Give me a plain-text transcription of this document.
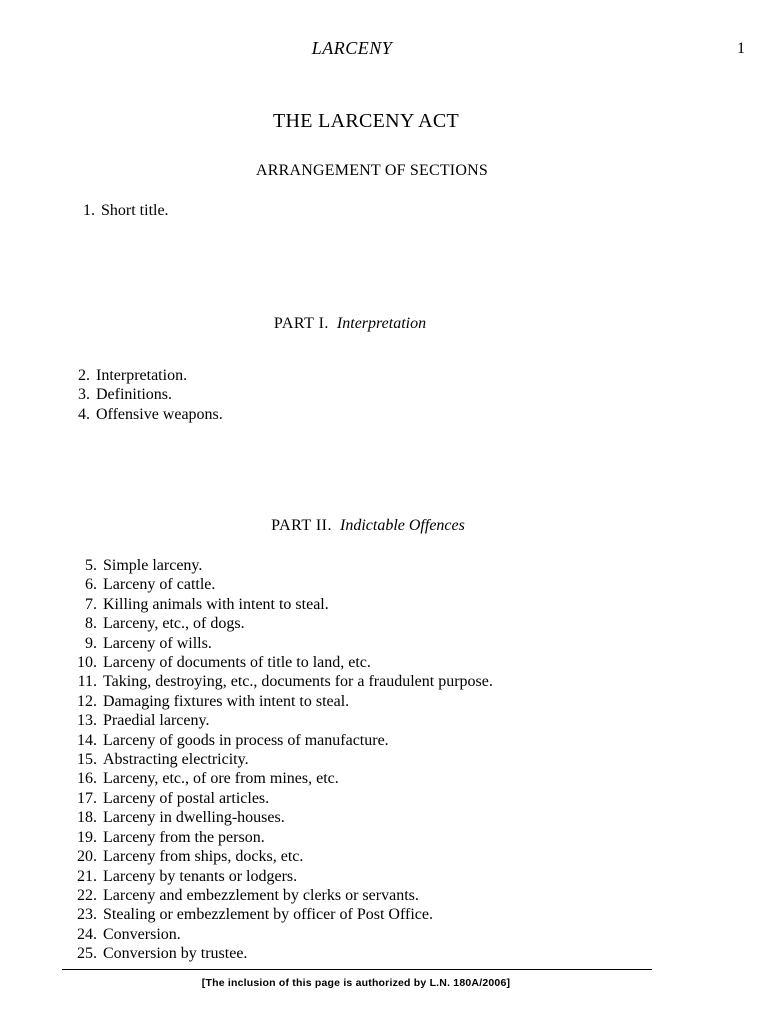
LARCENY	1
THE LARCENY ACT
ARRANGEMENT OF SECTIONS
1. Short title.
PART I. Interpretation
2. Interpretation.
3. Definitions.
4. Offensive weapons.
PART II. Indictable Offences
5. Simple larceny.
6. Larceny of cattle.
7. Killing animals with intent to steal.
8. Larceny, etc., of dogs.
9. Larceny of wills.
10. Larceny of documents of title to land, etc.
11. Taking, destroying, etc., documents for a fraudulent purpose.
12. Damaging fixtures with intent to steal.
13. Praedial larceny.
14. Larceny of goods in process of manufacture.
15. Abstracting electricity.
16. Larceny, etc., of ore from mines, etc.
17. Larceny of postal articles.
18. Larceny in dwelling-houses.
19. Larceny from the person.
20. Larceny from ships, docks, etc.
21. Larceny by tenants or lodgers.
22. Larceny and embezzlement by clerks or servants.
23. Stealing or embezzlement by officer of Post Office.
24. Conversion.
25. Conversion by trustee.
[The inclusion of this page is authorized by L.N. 180A/2006]
